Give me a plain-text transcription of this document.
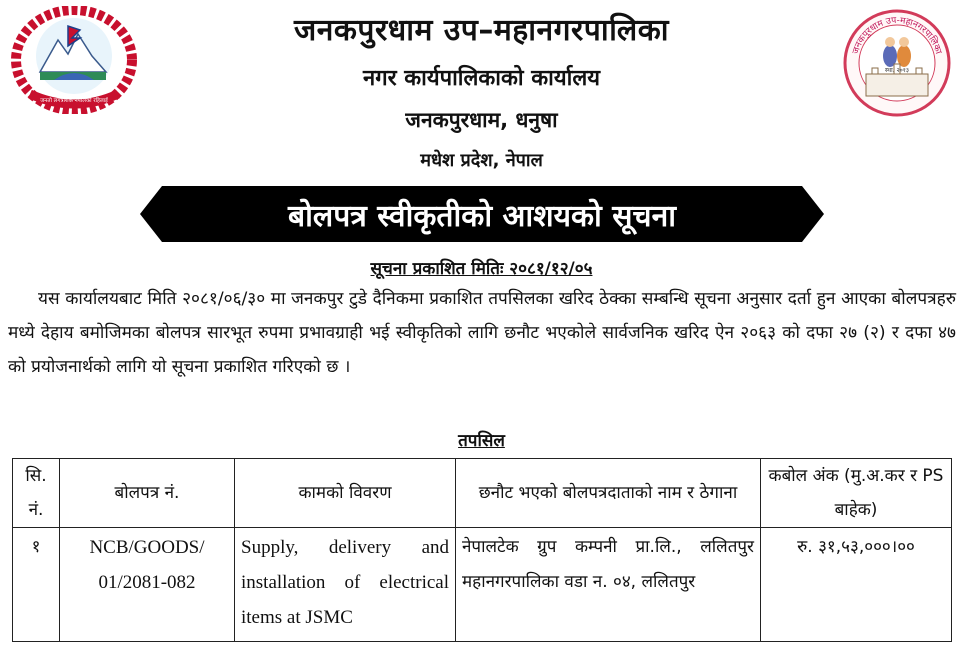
जनतो लगत्रशिक नेपालको रहिलाई
जनकपुरधाम उप-महानगरपालिका
स्था. २०१३
जनकपुरधाम उप–महानगरपालिका
नगर कार्यपालिकाको कार्यालय
जनकपुरधाम, धनुषा
मधेश प्रदेश, नेपाल
बोलपत्र स्वीकृतीको आशयको सूचना
सूचना प्रकाशित मितिः २०८१/१२/०५
यस कार्यालयबाट मिति २०८१/०६/३० मा जनकपुर टुडे दैनिकमा प्रकाशित तपसिलका खरिद ठेक्का सम्बन्धि सूचना अनुसार दर्ता हुन आएका बोलपत्रहरु मध्ये देहाय बमोजिमका बोलपत्र सारभूत रुपमा प्रभावग्राही भई स्वीकृतिको लागि छनौट भएकोले सार्वजनिक खरिद ऐन २०६३ को दफा २७ (२) र दफा ४७ को प्रयोजनार्थको लागि यो सूचना प्रकाशित गरिएको छ ।
तपसिल
सि. नं.	बोलपत्र नं.	कामको विवरण	छनौट भएको बोलपत्रदाताको नाम र ठेगाना	कबोल अंक (मु.अ.कर र PS बाहेक)
१	NCB/GOODS/ 01/2081-082	Supply, delivery and installation of electrical items at JSMC	नेपालटेक ग्रुप कम्पनी प्रा.लि., ललितपुर महानगरपालिका वडा न. ०४, ललितपुर	रु. ३१,५३,०००।००
